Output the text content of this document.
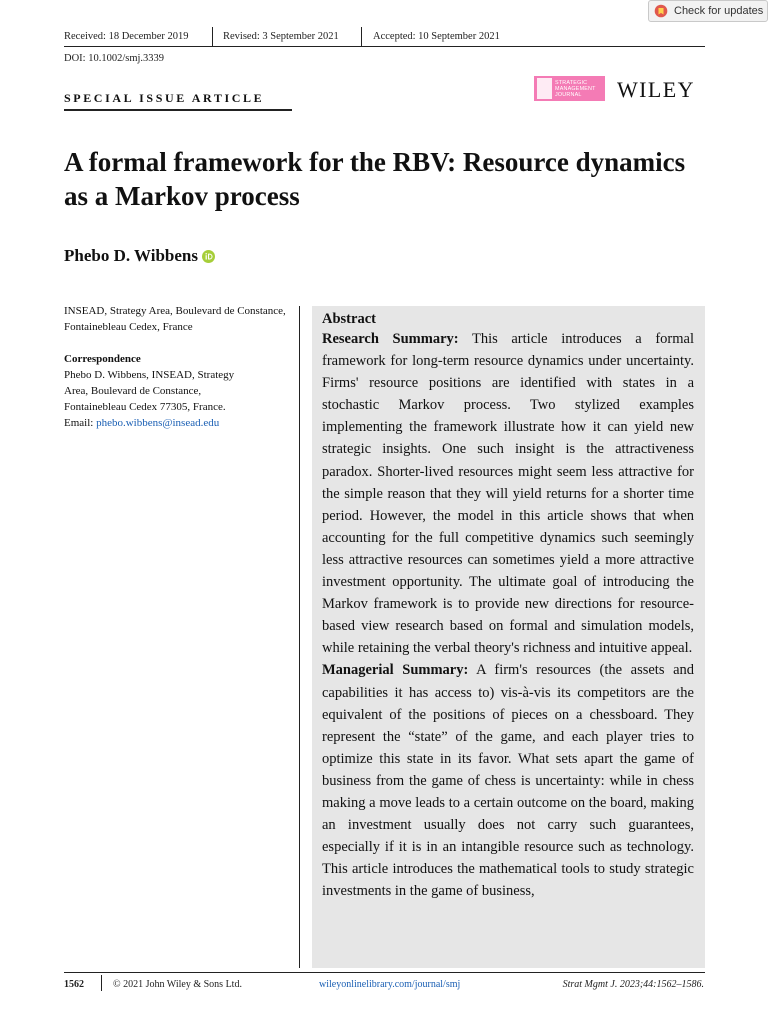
Check for updates
Received: 18 December 2019	Revised: 3 September 2021	Accepted: 10 September 2021
DOI: 10.1002/smj.3339
SPECIAL ISSUE ARTICLE
STRATEGIC
MANAGEMENT
JOURNAL	WILEY
A formal framework for the RBV: Resource dynamics as a Markov process
Phebo D. Wibbens
INSEAD, Strategy Area, Boulevard de Constance, Fontainebleau Cedex, France
Correspondence
Phebo D. Wibbens, INSEAD, Strategy
Area, Boulevard de Constance,
Fontainebleau Cedex 77305, France.
Email: phebo.wibbens@insead.edu
Abstract

Research Summary: This article introduces a formal framework for long-term resource dynamics under uncertainty. Firms' resource positions are identified with states in a stochastic Markov process. Two stylized examples implementing the framework illustrate how it can yield new strategic insights. One such insight is the attractiveness paradox. Shorter-lived resources might seem less attractive for the simple reason that they will yield returns for a shorter time period. However, the model in this article shows that when accounting for the full competitive dynamics such seemingly less attractive resources can sometimes yield a more attractive investment opportunity. The ultimate goal of introducing the Markov framework is to provide new directions for resource-based view research based on formal and simulation models, while retaining the verbal theory's richness and intuitive appeal.

Managerial Summary: A firm's resources (the assets and capabilities it has access to) vis-à-vis its competitors are the equivalent of the positions of pieces on a chessboard. They represent the “state” of the game, and each player tries to optimize this state in its favor. What sets apart the game of business from the game of chess is uncertainty: while in chess making a move leads to a certain outcome on the board, making an investment usually does not carry such guarantees, especially if it is in an intangible resource such as technology. This article introduces the mathematical tools to study strategic investments in the game of business,

1562	© 2021 John Wiley & Sons Ltd.	wileyonlinelibrary.com/journal/smj	Strat Mgmt J. 2023;44:1562–1586.
